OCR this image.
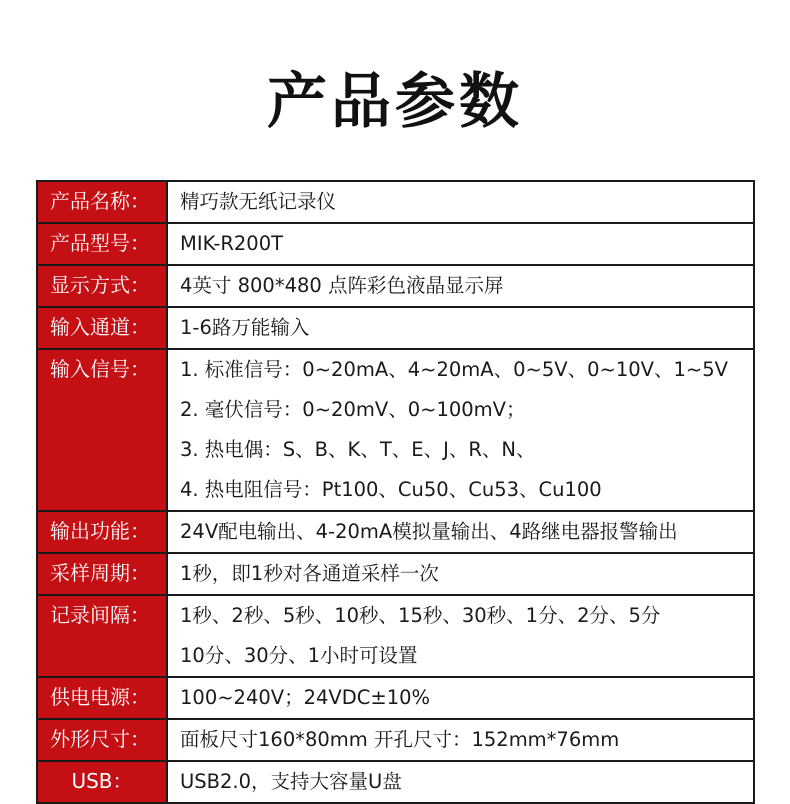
产品参数
产品名称：	精巧款无纸记录仪
产品型号：	MIK-R200T
显示方式：	4英寸 800*480 点阵彩色液晶显示屏
输入通道：	1-6路万能输入
输入信号：	1. 标准信号：0~20mA、4~20mA、0~5V、0~10V、1~5V
2. 毫伏信号：0~20mV、0~100mV；
3. 热电偶：S、B、K、T、E、J、R、N、
4. 热电阻信号：Pt100、Cu50、Cu53、Cu100
输出功能：	24V配电输出、4-20mA模拟量输出、4路继电器报警输出
采样周期：	1秒，即1秒对各通道采样一次
记录间隔：	1秒、2秒、5秒、10秒、15秒、30秒、1分、2分、5分
10分、30分、1小时可设置
供电电源：	100~240V；24VDC±10%
外形尺寸：	面板尺寸160*80mm 开孔尺寸：152mm*76mm
USB：	USB2.0，支持大容量U盘
